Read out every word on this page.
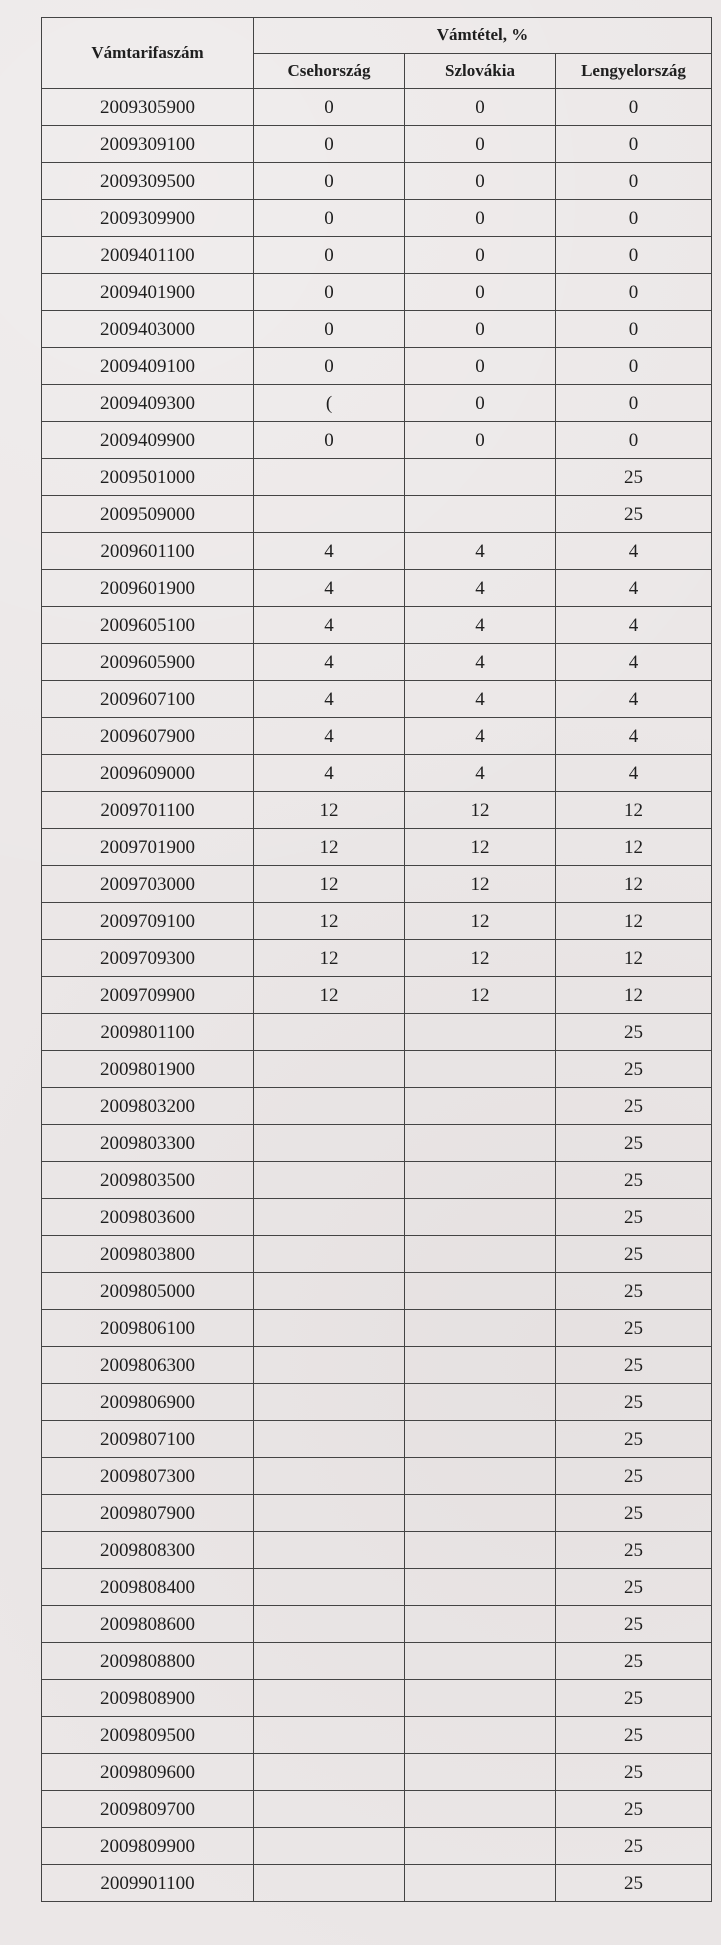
Vámtarifaszám	Vámtétel, %		
	Csehország	Szlovákia	Lengyelország
2009305900	0	0	0
2009309100	0	0	0
2009309500	0	0	0
2009309900	0	0	0
2009401100	0	0	0
2009401900	0	0	0
2009403000	0	0	0
2009409100	0	0	0
2009409300	(	0	0
2009409900	0	0	0
2009501000			25
2009509000			25
2009601100	4	4	4
2009601900	4	4	4
2009605100	4	4	4
2009605900	4	4	4
2009607100	4	4	4
2009607900	4	4	4
2009609000	4	4	4
2009701100	12	12	12
2009701900	12	12	12
2009703000	12	12	12
2009709100	12	12	12
2009709300	12	12	12
2009709900	12	12	12
2009801100			25
2009801900			25
2009803200			25
2009803300			25
2009803500			25
2009803600			25
2009803800			25
2009805000			25
2009806100			25
2009806300			25
2009806900			25
2009807100			25
2009807300			25
2009807900			25
2009808300			25
2009808400			25
2009808600			25
2009808800			25
2009808900			25
2009809500			25
2009809600			25
2009809700			25
2009809900			25
2009901100			25
